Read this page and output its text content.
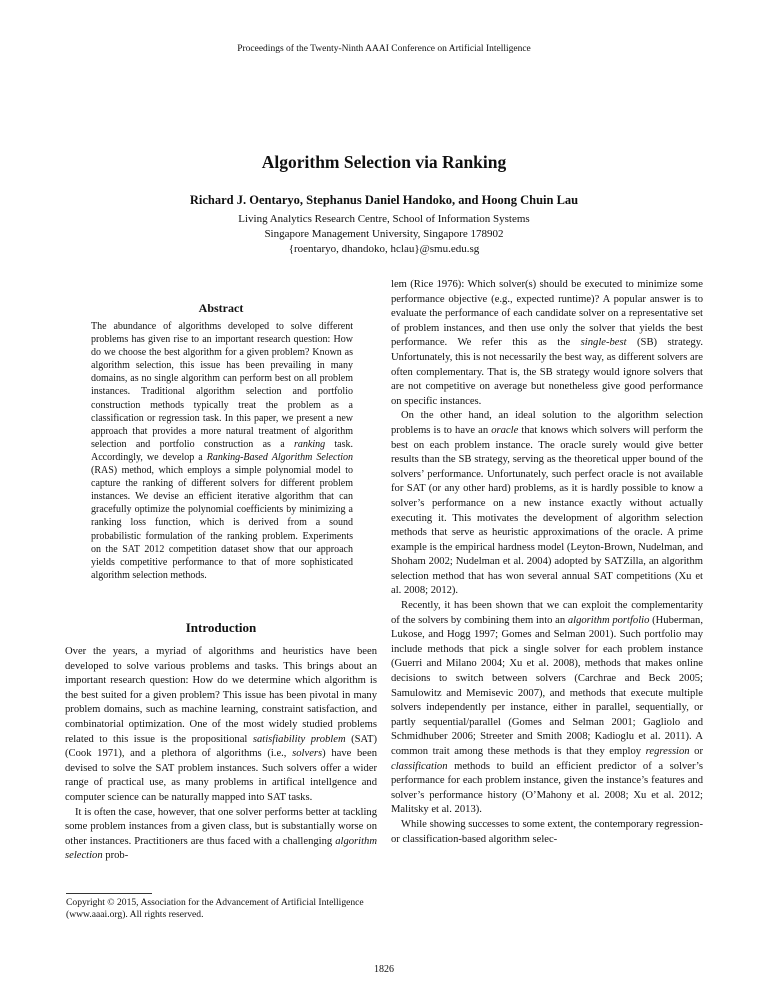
Proceedings of the Twenty-Ninth AAAI Conference on Artificial Intelligence
Algorithm Selection via Ranking
Richard J. Oentaryo, Stephanus Daniel Handoko, and Hoong Chuin Lau
Living Analytics Research Centre, School of Information Systems
Singapore Management University, Singapore 178902
{roentaryo, dhandoko, hclau}@smu.edu.sg
Abstract
The abundance of algorithms developed to solve different problems has given rise to an important research question: How do we choose the best algorithm for a given problem? Known as algorithm selection, this issue has been prevailing in many domains, as no single algorithm can perform best on all problem instances. Traditional algorithm selection and portfolio construction methods typically treat the problem as a classification or regression task. In this paper, we present a new approach that provides a more natural treatment of algorithm selection and portfolio construction as a ranking task. Accordingly, we develop a Ranking-Based Algorithm Selection (RAS) method, which employs a simple polynomial model to capture the ranking of different solvers for different problem instances. We devise an efficient iterative algorithm that can gracefully optimize the polynomial coefficients by minimizing a ranking loss function, which is derived from a sound probabilistic formulation of the ranking problem. Experiments on the SAT 2012 competition dataset show that our approach yields competitive performance to that of more sophisticated algorithm selection methods.
Introduction

Over the years, a myriad of algorithms and heuristics have been developed to solve various problems and tasks. This brings about an important research question: How do we determine which algorithm is the best suited for a given problem? This issue has been pivotal in many problem domains, such as machine learning, constraint satisfaction, and combinatorial optimization. One of the most widely studied problems related to this issue is the propositional satisfiability problem (SAT) (Cook 1971), and a plethora of algorithms (i.e., solvers) have been devised to solve the SAT problem instances. Such solvers offer a wider range of practical use, as many problems in artifical intellgence and computer science can be naturally mapped into SAT tasks.

It is often the case, however, that one solver performs better at tackling some problem instances from a given class, but is substantially worse on other instances. Practitioners are thus faced with a challenging algorithm selection prob-

Copyright © 2015, Association for the Advancement of Artificial Intelligence (www.aaai.org). All rights reserved.

lem (Rice 1976): Which solver(s) should be executed to minimize some performance objective (e.g., expected runtime)? A popular answer is to evaluate the performance of each candidate solver on a representative set of problem instances, and then use only the solver that yields the best performance. We refer this as the single-best (SB) strategy. Unfortunately, this is not necessarily the best way, as different solvers are often complementary. That is, the SB strategy would ignore solvers that are not competitive on average but nonetheless give good performance on specific instances.

On the other hand, an ideal solution to the algorithm selection problems is to have an oracle that knows which solvers will perform the best on each problem instance. The oracle surely would give better results than the SB strategy, serving as the theoretical upper bound of the solvers’ performance. Unfortunately, such perfect oracle is not available for SAT (or any other hard) problems, as it is hardly possible to know a solver’s performance on a new instance exactly without actually executing it. This motivates the development of algorithm selection methods that serve as heuristic approximations of the oracle. A prime example is the empirical hardness model (Leyton-Brown, Nudelman, and Shoham 2002; Nudelman et al. 2004) adopted by SATZilla, an algorithm selection method that has won several annual SAT competitions (Xu et al. 2008; 2012).

Recently, it has been shown that we can exploit the complementarity of the solvers by combining them into an algorithm portfolio (Huberman, Lukose, and Hogg 1997; Gomes and Selman 2001). Such portfolio may include methods that pick a single solver for each problem instance (Guerri and Milano 2004; Xu et al. 2008), methods that makes online decisions to switch between solvers (Carchrae and Beck 2005; Samulowitz and Memisevic 2007), and methods that execute multiple solvers independently per instance, either in parallel, sequentially, or partly sequential/parallel (Gomes and Selman 2001; Gagliolo and Schmidhuber 2006; Streeter and Smith 2008; Kadioglu et al. 2011). A common trait among these methods is that they employ regression or classification methods to build an efficient predictor of a solver’s performance for each problem instance, given the instance’s features and solver’s performance history (O’Mahony et al. 2008; Xu et al. 2012; Malitsky et al. 2013).

While showing successes to some extent, the contemporary regression- or classification-based algorithm selec-

1826
